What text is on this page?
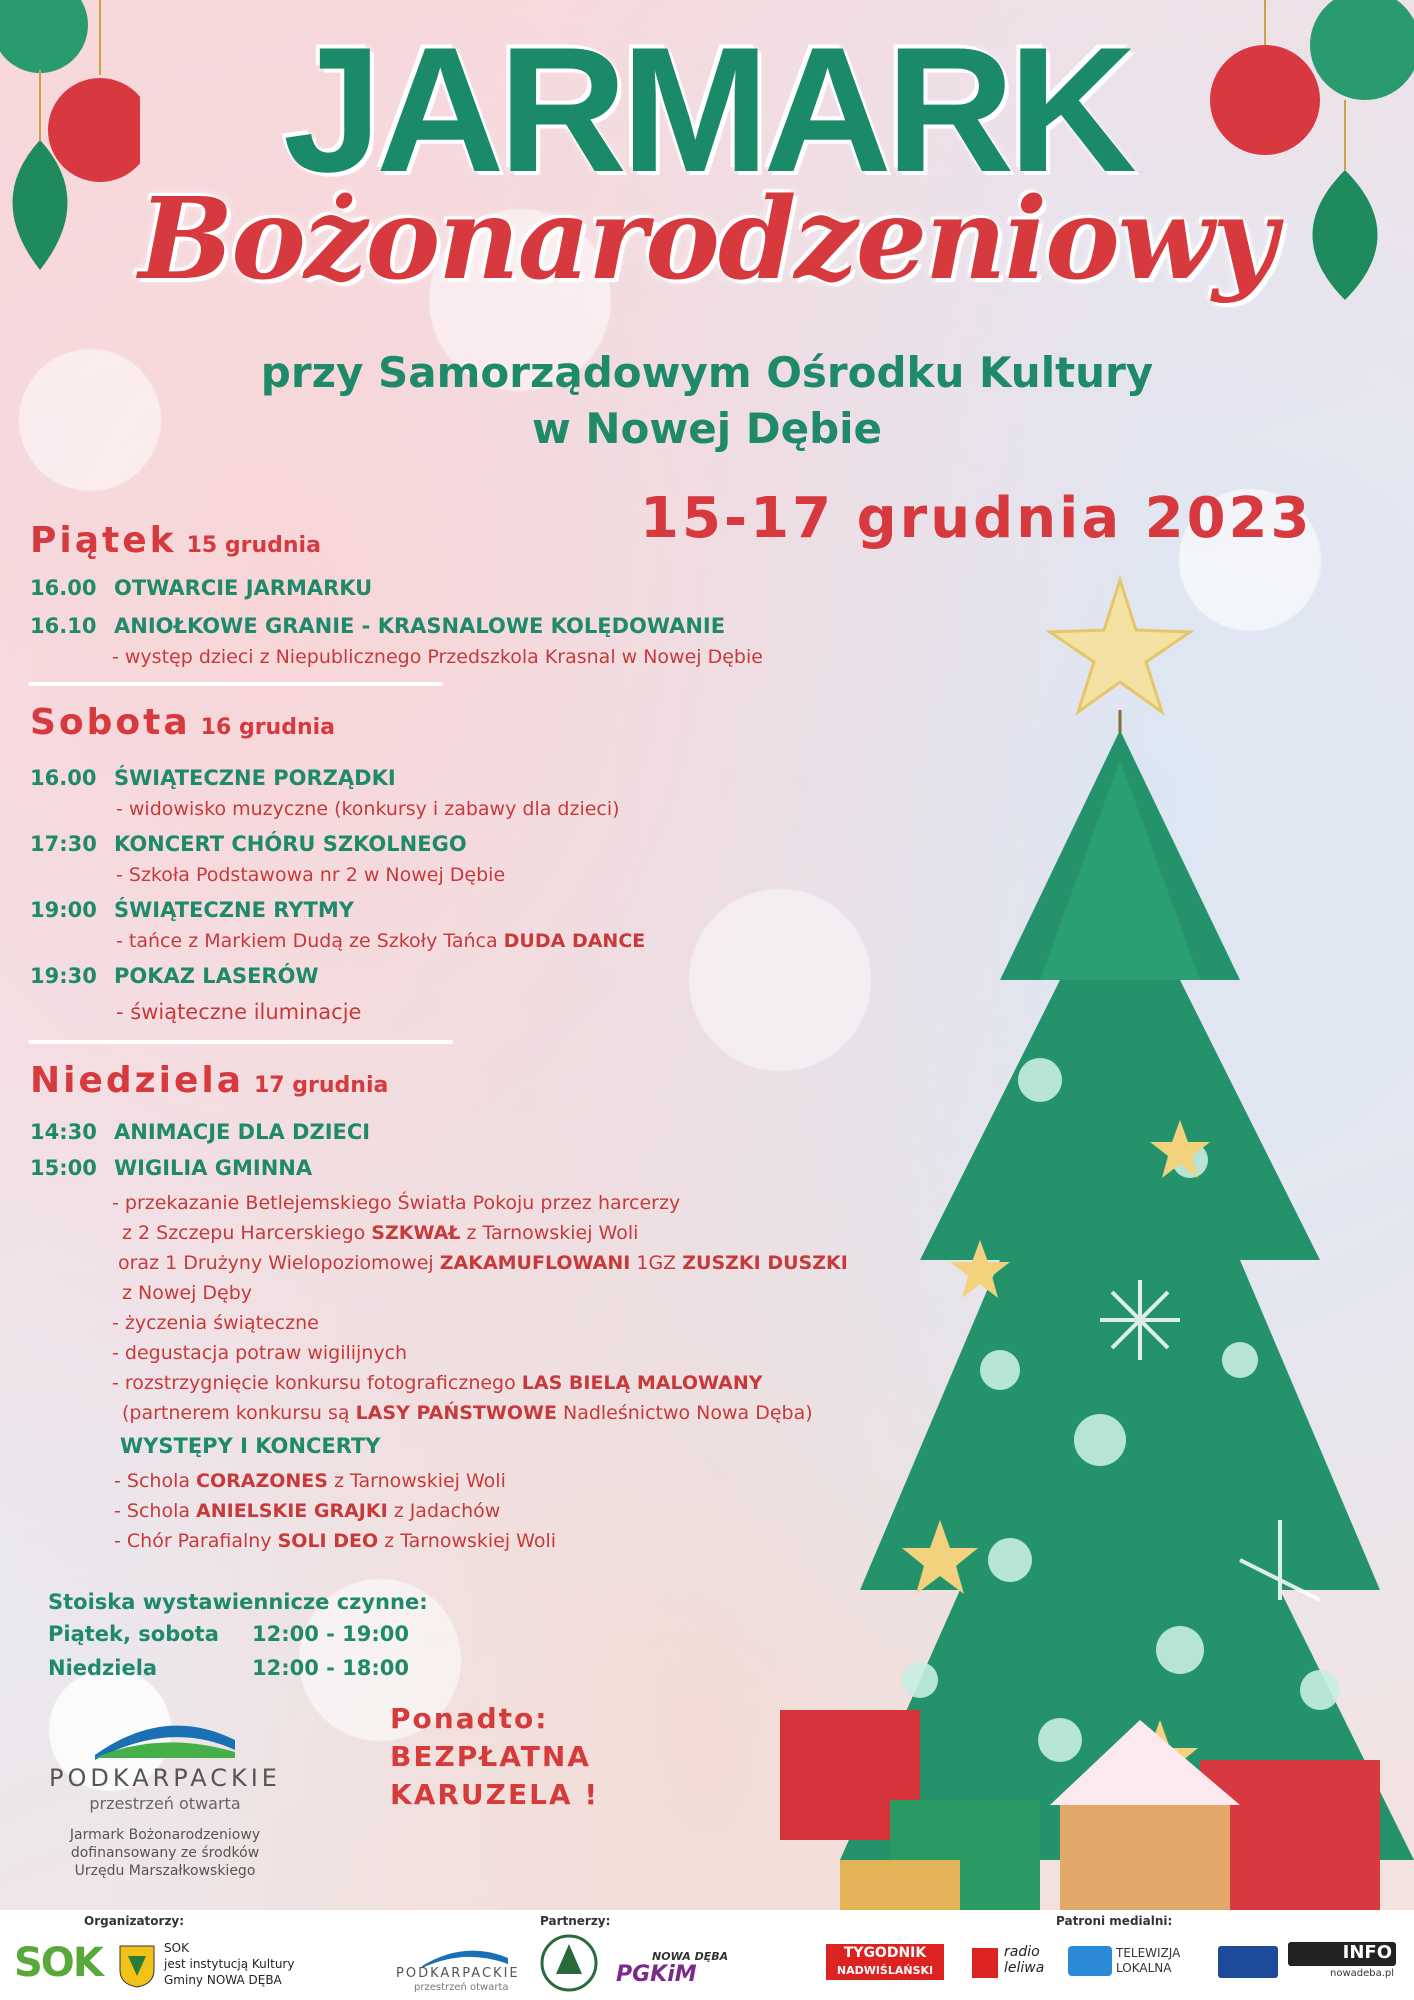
JARMARK
Bożonarodzeniowy
przy Samorządowym Ośrodku Kultury
w Nowej Dębie
15-17 grudnia 2023
Piątek 15 grudnia
16.00 OTWARCIE JARMARKU
16.10 ANIOŁKOWE GRANIE - KRASNALOWE KOLĘDOWANIE
- występ dzieci z Niepublicznego Przedszkola Krasnal w Nowej Dębie
Sobota 16 grudnia
16.00 ŚWIĄTECZNE PORZĄDKI
- widowisko muzyczne (konkursy i zabawy dla dzieci)
17:30 KONCERT CHÓRU SZKOLNEGO
- Szkoła Podstawowa nr 2 w Nowej Dębie
19:00 ŚWIĄTECZNE RYTMY
- tańce z Markiem Dudą ze Szkoły Tańca DUDA DANCE
19:30 POKAZ LASERÓW
- świąteczne iluminacje
Niedziela 17 grudnia
14:30 ANIMACJE DLA DZIECI
15:00 WIGILIA GMINNA
- przekazanie Betlejemskiego Światła Pokoju przez harcerzy
z 2 Szczepu Harcerskiego SZKWAŁ z Tarnowskiej Woli
oraz 1 Drużyny Wielopoziomowej ZAKAMUFLOWANI 1GZ ZUSZKI DUSZKI
z Nowej Dęby
- życzenia świąteczne
- degustacja potraw wigilijnych
- rozstrzygnięcie konkursu fotograficznego LAS BIELĄ MALOWANY
(partnerem konkursu są LASY PAŃSTWOWE Nadleśnictwo Nowa Dęba)
WYSTĘPY I KONCERTY
- Schola CORAZONES z Tarnowskiej Woli
- Schola ANIELSKIE GRAJKI z Jadachów
- Chór Parafialny SOLI DEO z Tarnowskiej Woli
Stoiska wystawiennicze czynne:
Piątek, sobota 12:00 - 19:00
Niedziela	12:00 - 18:00
Ponadto:
BEZPŁATNA
KARUZELA !
PODKARPACKIE
przestrzeń otwarta
Jarmark Bożonarodzeniowy
dofinansowany ze środków
Urzędu Marszałkowskiego
Organizatorzy:	Partnerzy:	Patroni medialni:
SOK	SOK
jest instytucją Kultury
Gminy NOWA DĘBA	PODKARPACKIE
przestrzeń otwarta
NOWA DĘBA
PGKiM
TYGODNIK
NADWIŚLAŃSKI
radio
leliwa
TELEWIZJA
LOKALNA
INFO
nowadeba.pl
